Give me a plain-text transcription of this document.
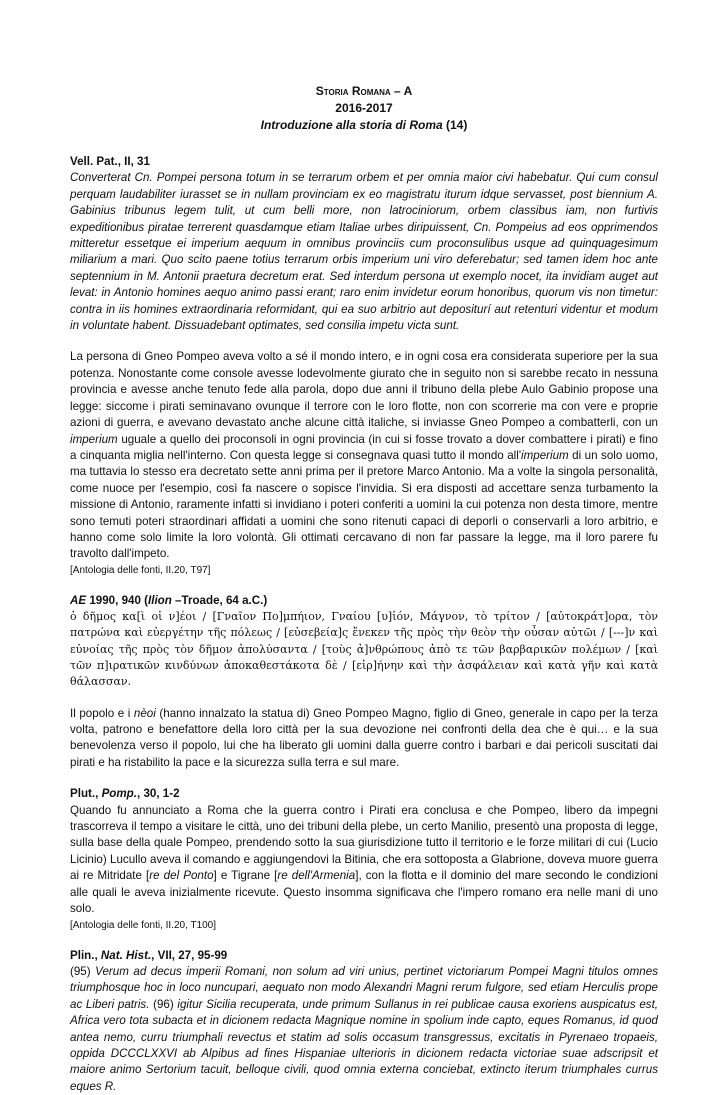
Storia Romana – A
2016-2017
Introduzione alla storia di Roma (14)
Vell. Pat., II, 31

Converterat Cn. Pompei persona totum in se terrarum orbem et per omnia maior civi habebatur. Qui cum consul perquam laudabiliter iurasset se in nullam provinciam ex eo magistratu iturum idque servasset, post biennium A. Gabinius tribunus legem tulit, ut cum belli more, non latrociniorum, orbem classibus iam, non furtivis expeditionibus piratae terrerent quasdamque etiam Italiae urbes diripuissent, Cn. Pompeius ad eos opprimendos mitteretur essetque ei imperium aequum in omnibus provinciis cum proconsulibus usque ad quinquagesimum miliarium a mari. Quo scito paene totius terrarum orbis imperium uni viro deferebatur; sed tamen idem hoc ante septennium in M. Antonii praetura decretum erat. Sed interdum persona ut exemplo nocet, ita invidiam auget aut levat: in Antonio homines aequo animo passi erant; raro enim invidetur eorum honoribus, quorum vis non timetur: contra in iis homines extraordinaria reformidant, qui ea suo arbitrio aut depositurí aut retenturi videntur et modum in voluntate habent. Dissuadebant optimates, sed consilia impetu victa sunt.

La persona di Gneo Pompeo aveva volto a sé il mondo intero, e in ogni cosa era considerata superiore per la sua potenza. Nonostante come console avesse lodevolmente giurato che in seguito non si sarebbe recato in nessuna provincia e avesse anche tenuto fede alla parola, dopo due anni il tribuno della plebe Aulo Gabinio propose una legge: siccome i pirati seminavano ovunque il terrore con le loro flotte, non con scorrerie ma con vere e proprie azioni di guerra, e avevano devastato anche alcune città italiche, si inviasse Gneo Pompeo a combatterli, con un imperium uguale a quello dei proconsoli in ogni provincia (in cui si fosse trovato a dover combattere i pirati) e fino a cinquanta miglia nell'interno. Con questa legge si consegnava quasi tutto il mondo all'imperium di un solo uomo, ma tuttavia lo stesso era decretato sette anni prima per il pretore Marco Antonio. Ma a volte la singola personalità, come nuoce per l'esempio, così fa nascere o sopisce l'invidia. Si era disposti ad accettare senza turbamento la missione di Antonio, raramente infatti si invidiano i poteri conferiti a uomini la cui potenza non desta timore, mentre sono temuti poteri straordinari affidati a uomini che sono ritenuti capaci di deporli o conservarli a loro arbitrio, e hanno come solo limite la loro volontà. Gli ottimati cercavano di non far passare la legge, ma il loro parere fu travolto dall'impeto.

[Antologia delle fonti, II.20, T97]
AE 1990, 940 (Ilion –Troade, 64 a.C.)

ὁ δῆμος κα[ὶ οἱ ν]έοι / [Γναῖον Πο]μπήιον, Γναίου [υ]ἱόν, Μάγνον, τὸ τρίτον / [αὐτοκράτ]ορα, τὸν πατρώνα καὶ εὐεργέτην τῆς πόλεως / [εὐσεβεία]ς ἕνεκεν τῆς πρὸς τὴν θεὸν τὴν οὖσαν αὐτῶι / [---]ν καὶ εὐνοίας τῆς πρὸς τὸν δῆμον ἀπολύσαντα / [τοὺς ἀ]νθρώπους ἀπὸ τε τῶν βαρβαρικῶν πολέμων / [καὶ τῶν π]ιρατικῶν κινδύνων ἀποκαθεστάκοτα δὲ / [εἰρ]ήνην καὶ τὴν ἀσφάλειαν καὶ κατὰ γῆν καὶ κατὰ θάλασσαν.

Il popolo e i nèoi (hanno innalzato la statua di) Gneo Pompeo Magno, figlio di Gneo, generale in capo per la terza volta, patrono e benefattore della loro città per la sua devozione nei confronti della dea che è qui… e la sua benevolenza verso il popolo, lui che ha liberato gli uomini dalla guerre contro i barbari e dai pericoli suscitati dai pirati e ha ristabilito la pace e la sicurezza sulla terra e sul mare.

Plut., Pomp., 30, 1-2

Quando fu annunciato a Roma che la guerra contro i Pirati era conclusa e che Pompeo, libero da impegni trascorreva il tempo a visitare le città, uno dei tribuni della plebe, un certo Manilio, presentò una proposta di legge, sulla base della quale Pompeo, prendendo sotto la sua giurisdizione tutto il territorio e le forze militari di cui (Lucio Licinio) Lucullo aveva il comando e aggiungendovi la Bitinia, che era sottoposta a Glabrione, doveva muore guerra ai re Mitridate [re del Ponto] e Tigrane [re dell'Armenia], con la flotta e il dominio del mare secondo le condizioni alle quali le aveva inizialmente ricevute. Questo insomma significava che l'impero romano era nelle mani di uno solo.

[Antologia delle fonti, II.20, T100]
Plin., Nat. Hist., VII, 27, 95-99

(95) Verum ad decus imperii Romani, non solum ad viri unius, pertinet victoriarum Pompei Magni titulos omnes triumphosque hoc in loco nuncupari, aequato non modo Alexandri Magni rerum fulgore, sed etiam Herculis prope ac Liberi patris. (96) igitur Sicilia recuperata, unde primum Sullanus in rei publicae causa exoriens auspicatus est, Africa vero tota subacta et in dicionem redacta Magnique nomine in spolium inde capto, eques Romanus, id quod antea nemo, curru triumphali revectus et statim ad solis occasum transgressus, excitatis in Pyrenaeo tropaeis, oppida DCCCLXXVI ab Alpibus ad fines Hispaniae ulterioris in dicionem redacta victoriae suae adscripsit et maiore animo Sertorium tacuit, belloque civili, quod omnia externa conciebat, extincto iterum triumphales currus eques R.
